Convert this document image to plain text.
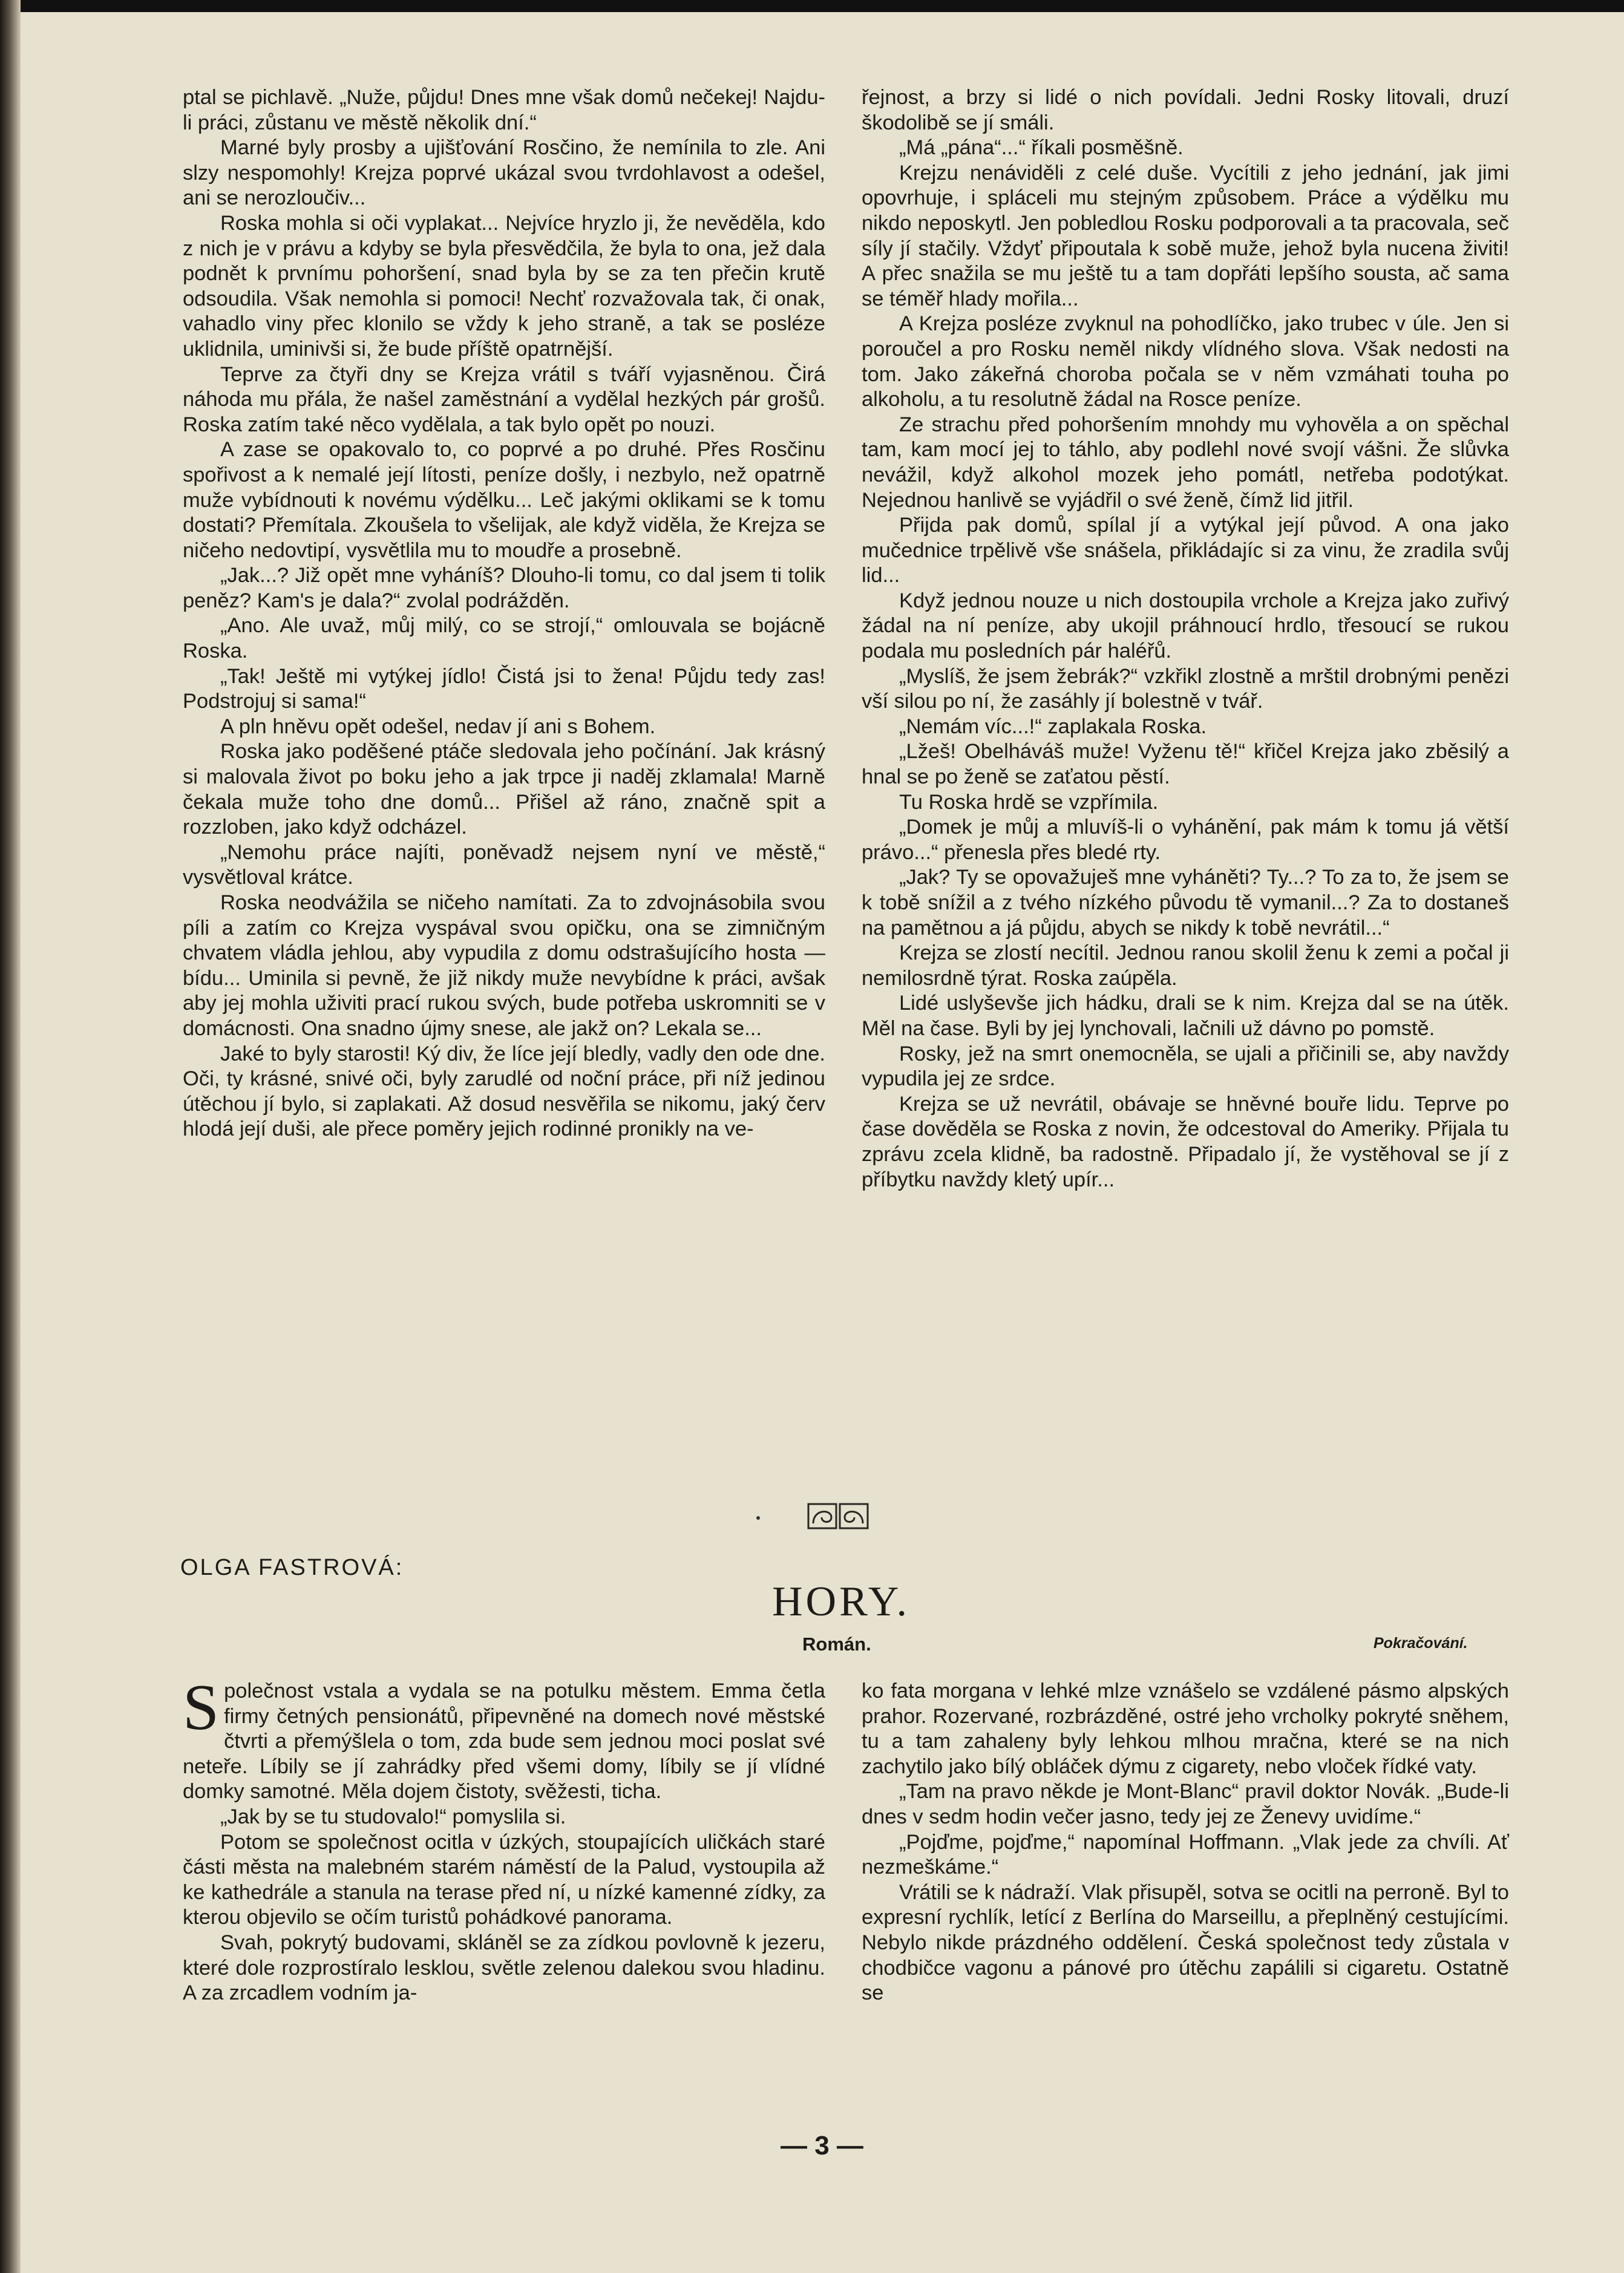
ptal se pichlavě. „Nuže, půjdu! Dnes mne však domů nečekej! Najdu-li práci, zůstanu ve městě několik dní.“

Marné byly prosby a ujišťování Rosčino, že nemínila to zle. Ani slzy nespomohly! Krejza poprvé ukázal svou tvrdohlavost a odešel, ani se nerozloučiv...

Roska mohla si oči vyplakat... Nejvíce hryzlo ji, že nevěděla, kdo z nich je v právu a kdyby se byla přesvědčila, že byla to ona, jež dala podnět k prvnímu pohoršení, snad byla by se za ten přečin krutě odsoudila. Však nemohla si pomoci! Nechť rozvažovala tak, či onak, vahadlo viny přec klonilo se vždy k jeho straně, a tak se posléze uklidnila, uminivši si, že bude příště opatrnější.

Teprve za čtyři dny se Krejza vrátil s tváří vyjasněnou. Čirá náhoda mu přála, že našel zaměstnání a vydělal hezkých pár grošů. Roska zatím také něco vydělala, a tak bylo opět po nouzi.

A zase se opakovalo to, co poprvé a po druhé. Přes Rosčinu spořivost a k nemalé její lítosti, peníze došly, i nezbylo, než opatrně muže vybídnouti k novému výdělku... Leč jakými oklikami se k tomu dostati? Přemítala. Zkoušela to všelijak, ale když viděla, že Krejza se ničeho nedovtipí, vysvětlila mu to moudře a prosebně.

„Jak...? Již opět mne vyháníš? Dlouho-li tomu, co dal jsem ti tolik peněz? Kam's je dala?“ zvolal podrážděn.

„Ano. Ale uvaž, můj milý, co se strojí,“ omlouvala se bojácně Roska.

„Tak! Ještě mi vytýkej jídlo! Čistá jsi to žena! Půjdu tedy zas! Podstrojuj si sama!“

A pln hněvu opět odešel, nedav jí ani s Bohem.

Roska jako poděšené ptáče sledovala jeho počínání. Jak krásný si malovala život po boku jeho a jak trpce ji naděj zklamala! Marně čekala muže toho dne domů... Přišel až ráno, značně spit a rozzloben, jako když odcházel.

„Nemohu práce najíti, poněvadž nejsem nyní ve městě,“ vysvětloval krátce.

Roska neodvážila se ničeho namítati. Za to zdvojnásobila svou píli a zatím co Krejza vyspával svou opičku, ona se zimničným chvatem vládla jehlou, aby vypudila z domu odstrašujícího hosta — bídu... Uminila si pevně, že již nikdy muže nevybídne k práci, avšak aby jej mohla uživiti prací rukou svých, bude potřeba uskromniti se v domácnosti. Ona snadno újmy snese, ale jakž on? Lekala se...

Jaké to byly starosti! Ký div, že líce její bledly, vadly den ode dne. Oči, ty krásné, snivé oči, byly zarudlé od noční práce, při níž jedinou útěchou jí bylo, si zaplakati. Až dosud nesvěřila se nikomu, jaký červ hlodá její duši, ale přece poměry jejich rodinné pronikly na ve-

řejnost, a brzy si lidé o nich povídali. Jedni Rosky litovali, druzí škodolibě se jí smáli.

„Má „pána“...“ říkali posměšně.

Krejzu nenáviděli z celé duše. Vycítili z jeho jednání, jak jimi opovrhuje, i spláceli mu stejným způsobem. Práce a výdělku mu nikdo neposkytl. Jen pobledlou Rosku podporovali a ta pracovala, seč síly jí stačily. Vždyť připoutala k sobě muže, jehož byla nucena živiti! A přec snažila se mu ještě tu a tam dopřáti lepšího sousta, ač sama se téměř hlady mořila...

A Krejza posléze zvyknul na pohodlíčko, jako trubec v úle. Jen si poroučel a pro Rosku neměl nikdy vlídného slova. Však nedosti na tom. Jako zákeřná choroba počala se v něm vzmáhati touha po alkoholu, a tu resolutně žádal na Rosce peníze.

Ze strachu před pohoršením mnohdy mu vyhověla a on spěchal tam, kam mocí jej to táhlo, aby podlehl nové svojí vášni. Že slůvka nevážil, když alkohol mozek jeho pomátl, netřeba podotýkat. Nejednou hanlivě se vyjádřil o své ženě, čímž lid jitřil.

Přijda pak domů, spílal jí a vytýkal její původ. A ona jako mučednice trpělivě vše snášela, přikládajíc si za vinu, že zradila svůj lid...

Když jednou nouze u nich dostoupila vrchole a Krejza jako zuřivý žádal na ní peníze, aby ukojil práhnoucí hrdlo, třesoucí se rukou podala mu posledních pár haléřů.

„Myslíš, že jsem žebrák?“ vzkřikl zlostně a mrštil drobnými penězi vší silou po ní, že zasáhly jí bolestně v tvář.

„Nemám víc...!“ zaplakala Roska.

„Lžeš! Obelháváš muže! Vyženu tě!“ křičel Krejza jako zběsilý a hnal se po ženě se zaťatou pěstí.

Tu Roska hrdě se vzpřímila.

„Domek je můj a mluvíš-li o vyhánění, pak mám k tomu já větší právo...“ přenesla přes bledé rty.

„Jak? Ty se opovažuješ mne vyháněti? Ty...? To za to, že jsem se k tobě snížil a z tvého nízkého původu tě vymanil...? Za to dostaneš na pamětnou a já půjdu, abych se nikdy k tobě nevrátil...“

Krejza se zlostí necítil. Jednou ranou skolil ženu k zemi a počal ji nemilosrdně týrat. Roska zaúpěla.

Lidé uslyševše jich hádku, drali se k nim. Krejza dal se na útěk. Měl na čase. Byli by jej lynchovali, lačnili už dávno po pomstě.

Rosky, jež na smrt onemocněla, se ujali a přičinili se, aby navždy vypudila jej ze srdce.

Krejza se už nevrátil, obávaje se hněvné bouře lidu. Teprve po čase dověděla se Roska z novin, že odcestoval do Ameriky. Přijala tu zprávu zcela klidně, ba radostně. Připadalo jí, že vystěhoval se jí z příbytku navždy kletý upír...

OLGA FASTROVÁ:
HORY.
Román.	Pokračování.

Společnost vstala a vydala se na potulku městem. Emma četla firmy četných pensionátů, připevněné na domech nové městské čtvrti a přemýšlela o tom, zda bude sem jednou moci poslat své neteře. Líbily se jí zahrádky před všemi domy, líbily se jí vlídné domky samotné. Měla dojem čistoty, svěžesti, ticha.

„Jak by se tu studovalo!“ pomyslila si.

Potom se společnost ocitla v úzkých, stoupajících uličkách staré části města na malebném starém náměstí de la Palud, vystoupila až ke kathedrále a stanula na terase před ní, u nízké kamenné zídky, za kterou objevilo se očím turistů pohádkové panorama.

Svah, pokrytý budovami, skláněl se za zídkou povlovně k jezeru, které dole rozprostíralo lesklou, světle zelenou dalekou svou hladinu. A za zrcadlem vodním ja-

ko fata morgana v lehké mlze vznášelo se vzdálené pásmo alpských prahor. Rozervané, rozbrázděné, ostré jeho vrcholky pokryté sněhem, tu a tam zahaleny byly lehkou mlhou mračna, které se na nich zachytilo jako bílý obláček dýmu z cigarety, nebo vloček řídké vaty.

„Tam na pravo někde je Mont-Blanc“ pravil doktor Novák. „Bude-li dnes v sedm hodin večer jasno, tedy jej ze Ženevy uvidíme.“

„Pojďme, pojďme,“ napomínal Hoffmann. „Vlak jede za chvíli. Ať nezmeškáme.“

Vrátili se k nádraží. Vlak přisupěl, sotva se ocitli na perroně. Byl to expresní rychlík, letící z Berlína do Marseillu, a přeplněný cestujícími. Nebylo nikde prázdného oddělení. Česká společnost tedy zůstala v chodbičce vagonu a pánové pro útěchu zapálili si cigaretu. Ostatně se

— 3 —
